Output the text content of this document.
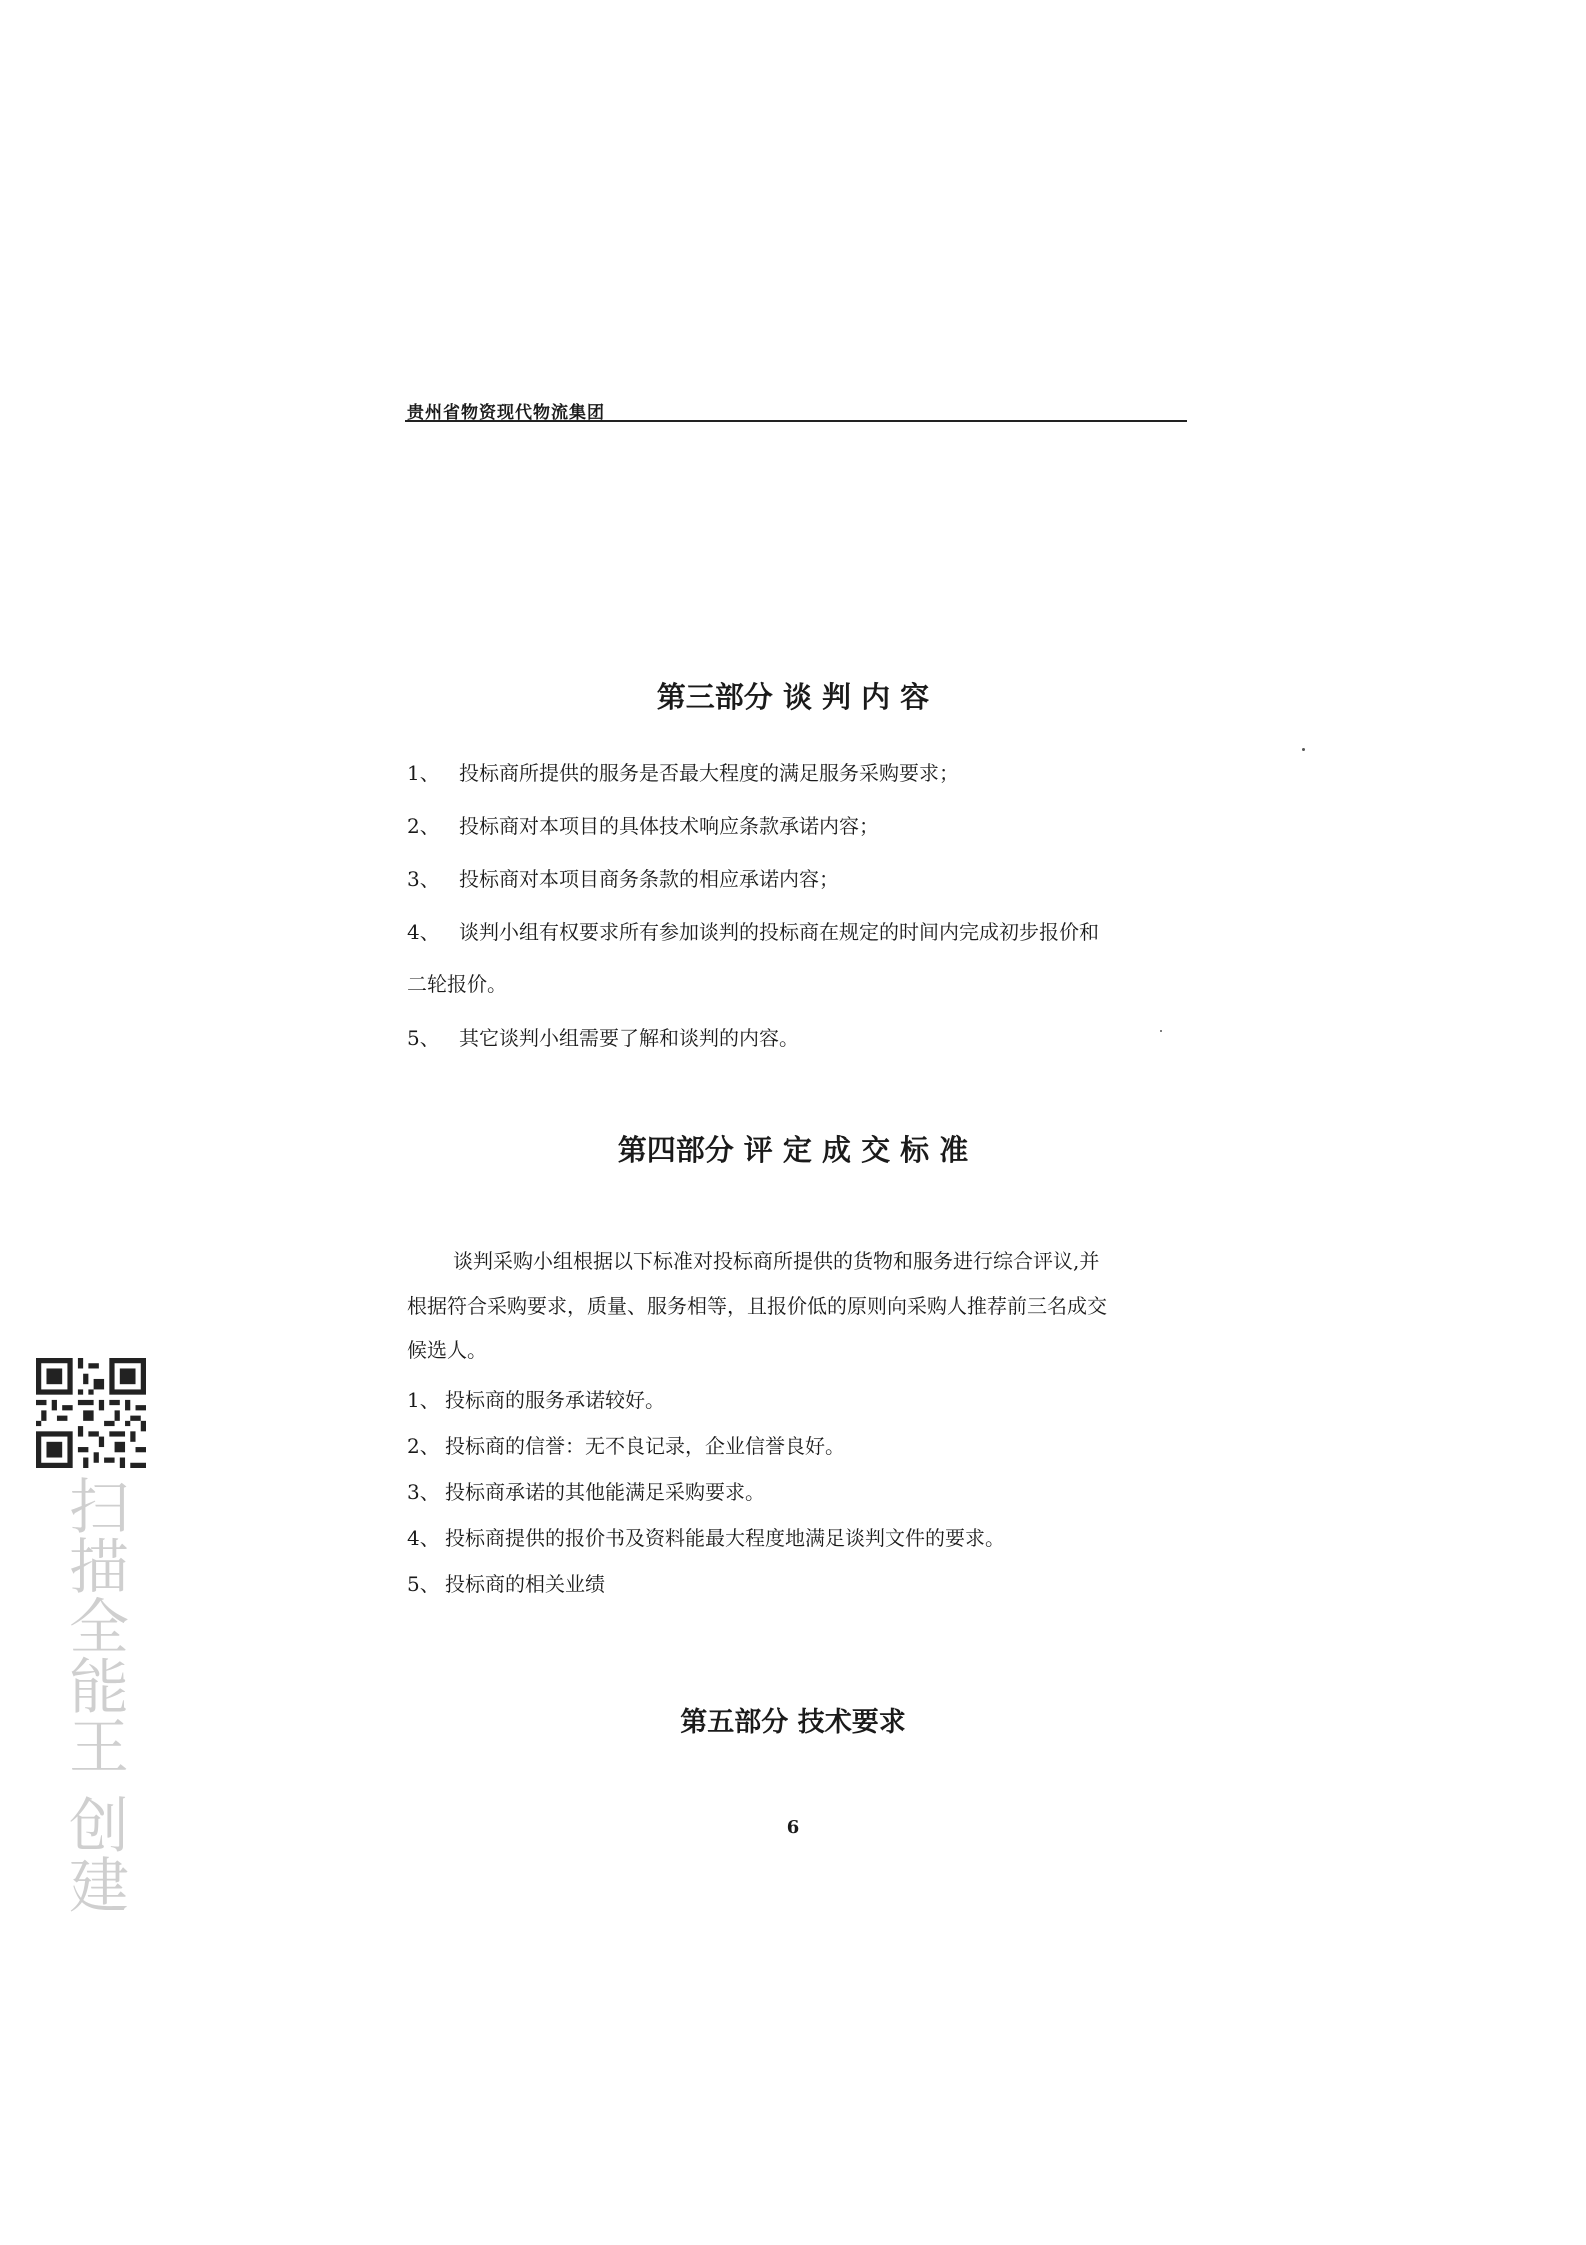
贵州省物资现代物流集团
第三部分 谈 判 内 容
1、 投标商所提供的服务是否最大程度的满足服务采购要求；
2、 投标商对本项目的具体技术响应条款承诺内容；
3、 投标商对本项目商务条款的相应承诺内容；
4、 谈判小组有权要求所有参加谈判的投标商在规定的时间内完成初步报价和
二轮报价。
5、 其它谈判小组需要了解和谈判的内容。
第四部分 评 定 成 交 标 准
谈判采购小组根据以下标准对投标商所提供的货物和服务进行综合评议,并
根据符合采购要求，质量、服务相等，且报价低的原则向采购人推荐前三名成交
候选人。
1、 投标商的服务承诺较好。
2、 投标商的信誉：无不良记录，企业信誉良好。
3、 投标商承诺的其他能满足采购要求。
4、 投标商提供的报价书及资料能最大程度地满足谈判文件的要求。
5、 投标商的相关业绩
第五部分 技术要求
6
扫描全能王 创建
